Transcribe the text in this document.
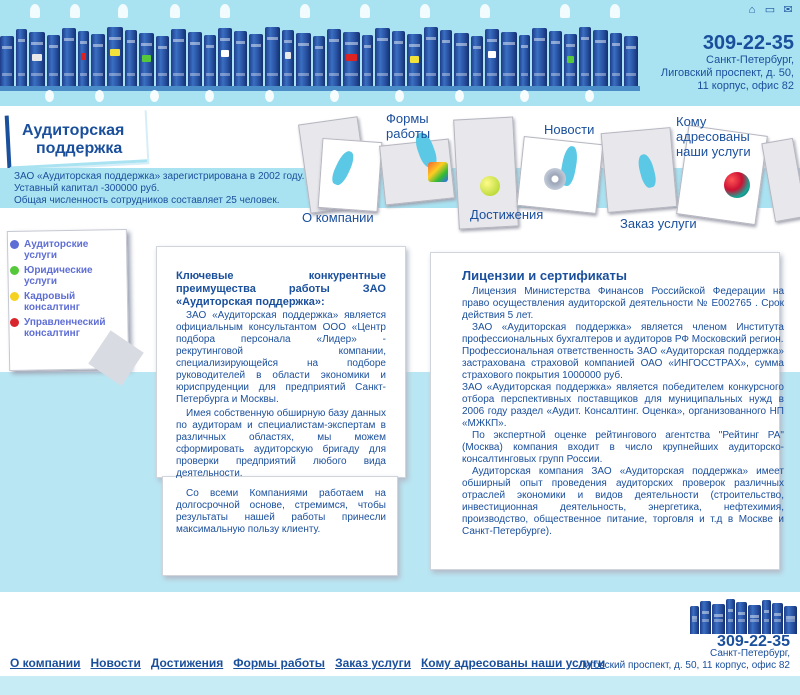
⌂ ▭ ✉
309-22-35
Санкт-Петербург,
Лиговский проспект, д. 50,
11 корпус, офис 82
Аудиторская
поддержка
ЗАО «Аудиторская поддержка» зарегистрирована в 2002 году.
Уставный капитал -300000 руб.
Общая численность сотрудников составляет 25 человек.
Формы
работы	Новости
Кому
адресованы
наши услуги
О компании	Достижения
Заказ услуги
Аудиторские
услуги
Юридические
услуги
Кадровый
консалтинг
Управленческий
консалтинг
Ключевые конкурентные преимущества работы ЗАО «Аудиторская поддержка»:

ЗАО «Аудиторская поддержка» является официальным консультантом ООО «Центр подбора персонала «Лидер» - рекрутинговой компании, специализирующейся на подборе руководителей в области экономики и юриспруденции для предприятий Санкт-Петербурга и Москвы.

Имея собственную обширную базу данных по аудиторам и специалистам-экспертам в различных областях, мы можем сформировать аудиторскую бригаду для проверки предприятий любого вида деятельности.

Со всеми Компаниями работаем на долгосрочной основе, стремимся, чтобы результаты нашей работы принесли максимальную пользу клиенту.

Лицензии и сертификаты

Лицензия Министерства Финансов Российской Федерации на право осуществления аудиторской деятельности № Е002765 . Срок действия 5 лет.

ЗАО «Аудиторская поддержка» является членом Института профессиональных бухгалтеров и аудиторов РФ Московский регион.

Профессиональная ответственность ЗАО «Аудиторская поддержка» застрахована страховой компанией ОАО «ИНГОССТРАХ», сумма страхового покрытия 1000000 руб.

ЗАО «Аудиторская поддержка» является победителем конкурсного отбора перспективных поставщиков для муниципальных нужд в 2006 году раздел «Аудит. Консалтинг. Оценка», организованного НП «МЖКП».

По экспертной оценке рейтингового агентства "Рейтинг РА" (Москва) компания входит в число крупнейших аудиторско-консалтинговых групп России.

Аудиторская компания ЗАО «Аудиторская поддержка» имеет обширный опыт проведения аудиторских проверок различных отраслей экономики и видов деятельности (строительство, инвестиционная деятельность, энергетика, нефтехимия, производство, общественное питание, торговля и т.д в Москве и Санкт-Петербурге).

309-22-35
Санкт-Петербург,
Лиговский проспект, д. 50, 11 корпус, офис 82
О компании Новости Достижения Формы работы Заказ услуги Кому адресованы наши услуги
